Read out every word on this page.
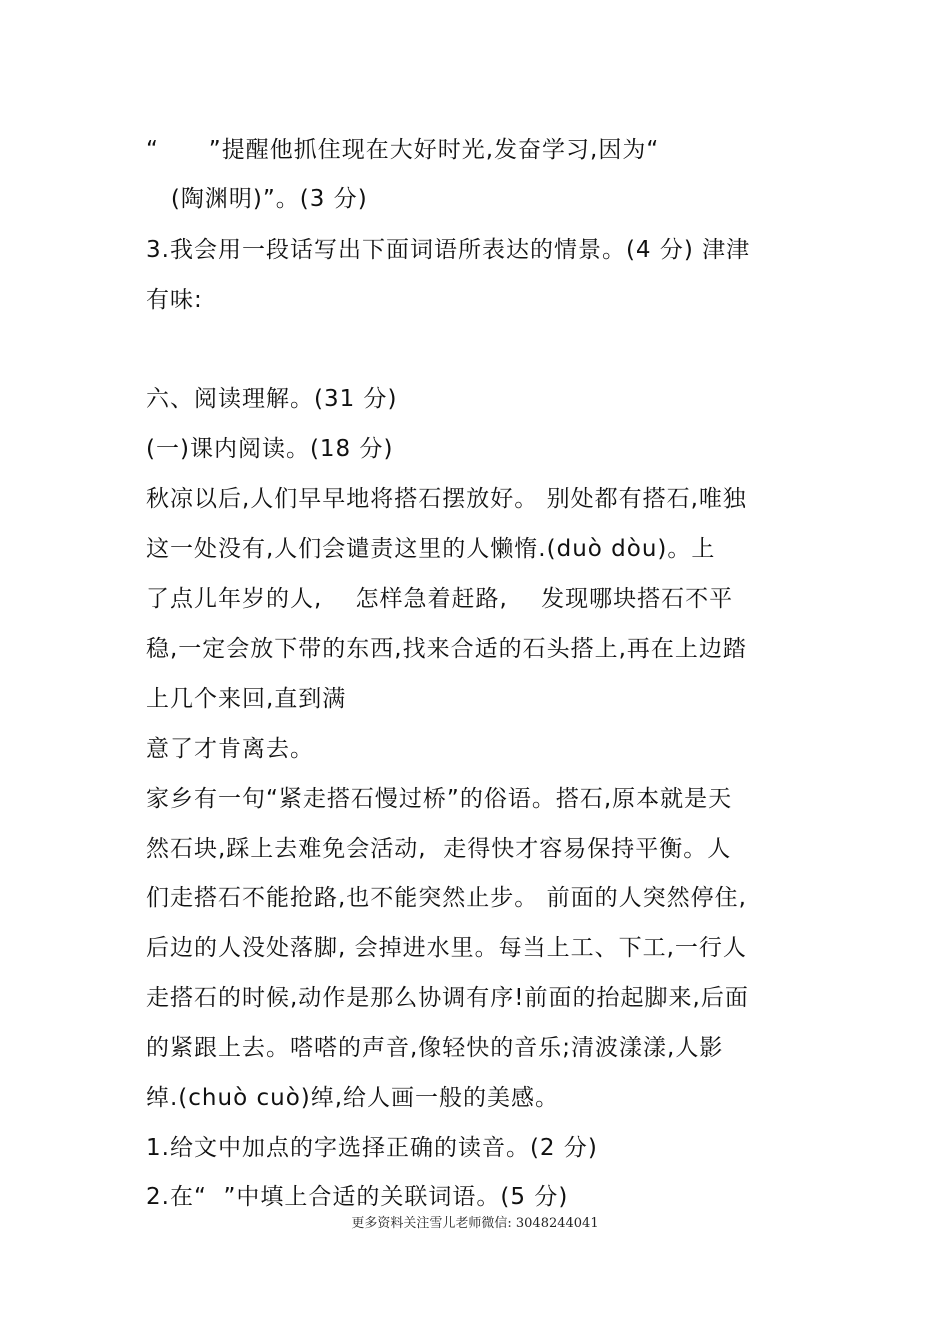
“      ”提醒他抓住现在大好时光,发奋学习,因为“
(陶渊明)”。(3 分)
3.我会用一段话写出下面词语所表达的情景。(4 分) 津津
有味:
六、阅读理解。(31 分)
(一)课内阅读。(18 分)
秋凉以后,人们早早地将搭石摆放好。 别处都有搭石,唯独
这一处没有,人们会谴责这里的人懒惰.(duò dòu)。上
了点儿年岁的人,    怎样急着赶路,    发现哪块搭石不平
稳,一定会放下带的东西,找来合适的石头搭上,再在上边踏
上几个来回,直到满
意了才肯离去。
家乡有一句“紧走搭石慢过桥”的俗语。搭石,原本就是天
然石块,踩上去难免会活动,  走得快才容易保持平衡。人
们走搭石不能抢路,也不能突然止步。 前面的人突然停住,
后边的人没处落脚, 会掉进水里。每当上工、下工,一行人
走搭石的时候,动作是那么协调有序!前面的抬起脚来,后面
的紧跟上去。嗒嗒的声音,像轻快的音乐;清波漾漾,人影
绰.(chuò cuò)绰,给人画一般的美感。
1.给文中加点的字选择正确的读音。(2 分)
2.在“  ”中填上合适的关联词语。(5 分)
更多资料关注雪儿老师微信: 3048244041
